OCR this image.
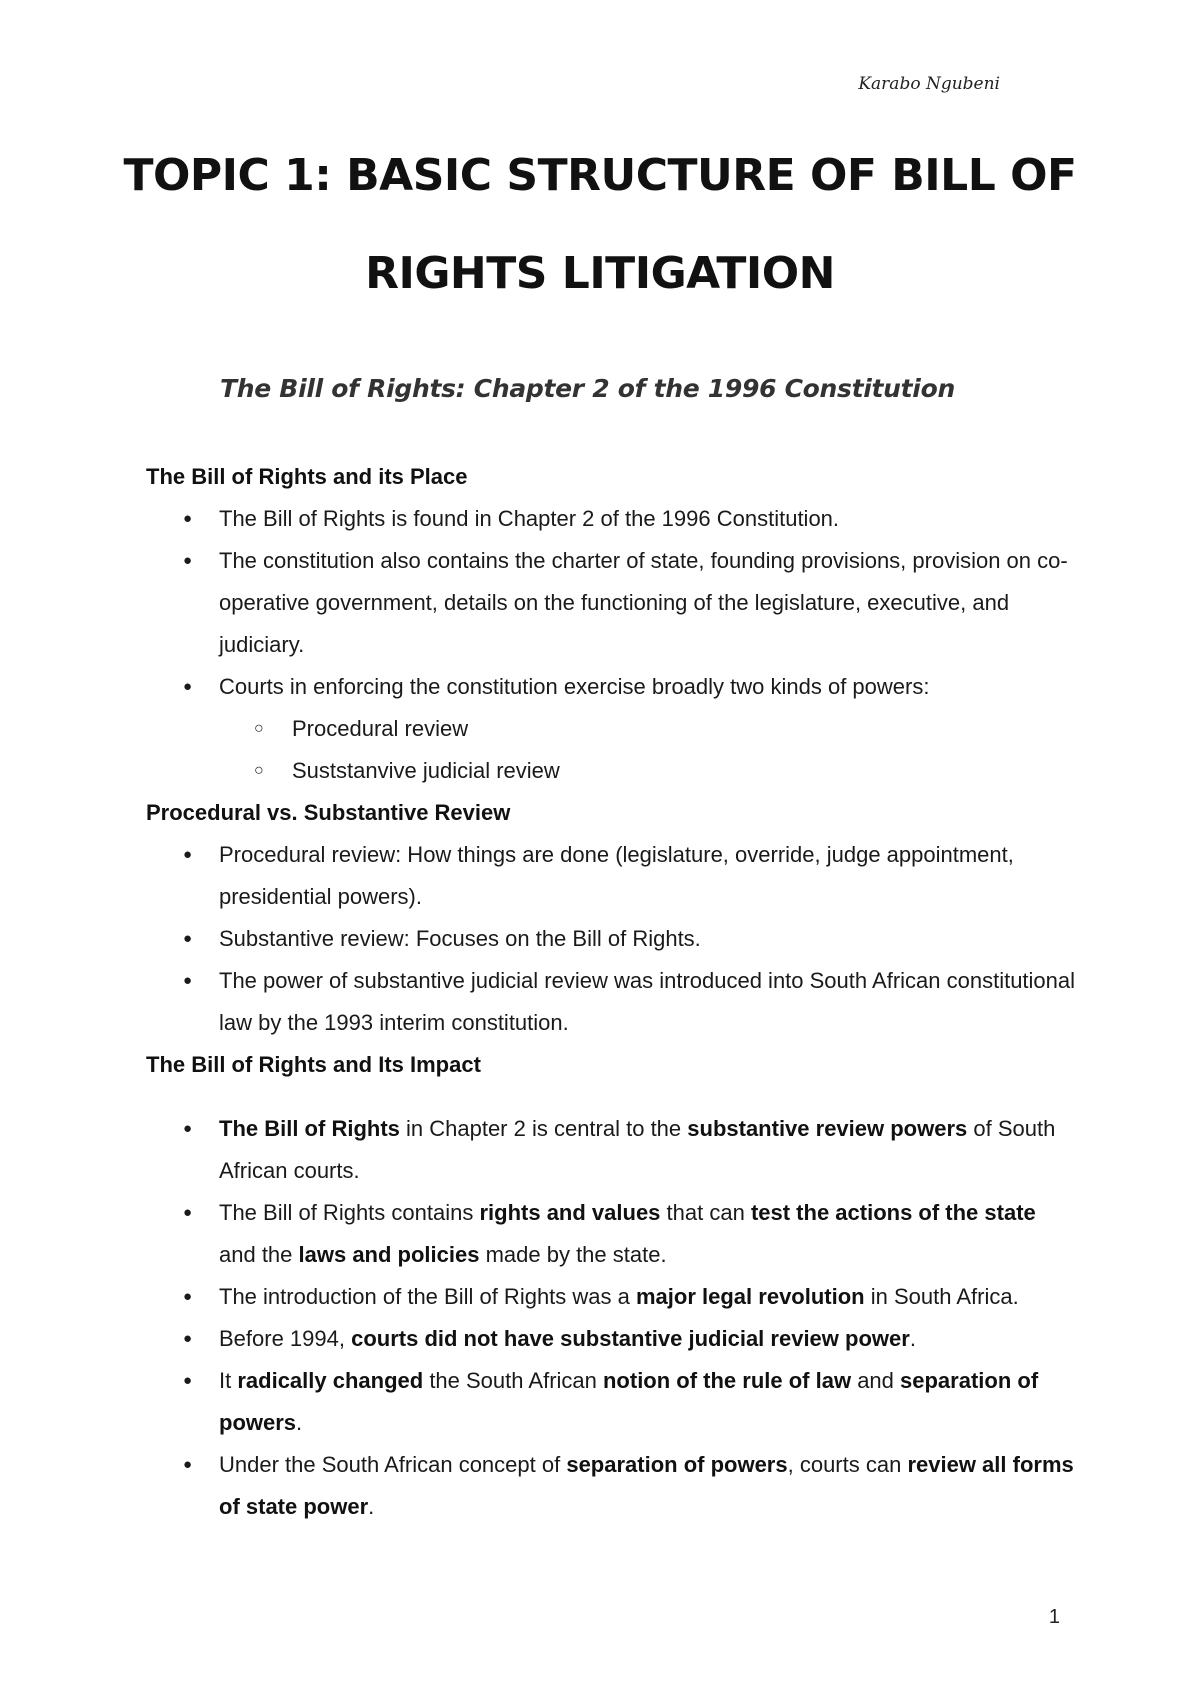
Karabo Ngubeni
TOPIC 1: BASIC STRUCTURE OF BILL OF
RIGHTS LITIGATION
The Bill of Rights: Chapter 2 of the 1996 Constitution
The Bill of Rights and its Place
● The Bill of Rights is found in Chapter 2 of the 1996 Constitution.
● The constitution also contains the charter of state, founding provisions, provision on co-operative government, details on the functioning of the legislature, executive, and judiciary.
● Courts in enforcing the constitution exercise broadly two kinds of powers:
○ Procedural review
○ Suststanvive judicial review
Procedural vs. Substantive Review
● Procedural review: How things are done (legislature, override, judge appointment, presidential powers).
● Substantive review: Focuses on the Bill of Rights.
● The power of substantive judicial review was introduced into South African constitutional law by the 1993 interim constitution.
The Bill of Rights and Its Impact
● The Bill of Rights in Chapter 2 is central to the substantive review powers of South African courts.
● The Bill of Rights contains rights and values that can test the actions of the state and the laws and policies made by the state.
● The introduction of the Bill of Rights was a major legal revolution in South Africa.
● Before 1994, courts did not have substantive judicial review power.
● It radically changed the South African notion of the rule of law and separation of powers.
● Under the South African concept of separation of powers, courts can review all forms of state power.
1
